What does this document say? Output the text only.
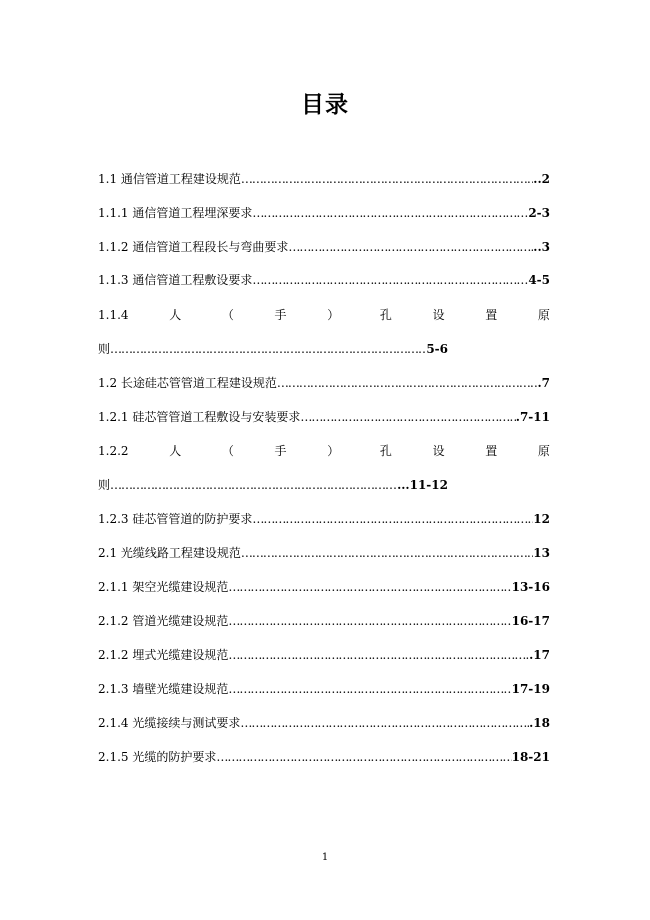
目录
1.1 通信管道工程建设规范 ……………………………………………………………………………………………………………………………………………………………………	..2
1.1.1 通信管道工程埋深要求 ……………………………………………………………………………………………………………………………………………………………………	2-3
1.1.2 通信管道工程段长与弯曲要求 ……………………………………………………………………………………………………………………………………………………………………	..3
1.1.3 通信管道工程敷设要求 ……………………………………………………………………………………………………………………………………………………………………	4-5
1.1.4	人	（	手	）	孔	设	置	原
则 ……………………………………………………………………………………………………………………………………	5-6
1.2 长途硅芯管管道工程建设规范 ……………………………………………………………………………………………………………………………………………………………………	.7
1.2.1 硅芯管管道工程敷设与安装要求 ……………………………………………………………………………………………………………………………………………………………………	.7-11
1.2.2	人	（	手	）	孔	设	置	原
则 ……………………………………………………………………………………………………………………………………	...11-12
1.2.3 硅芯管管道的防护要求 ……………………………………………………………………………………………………………………………………………………………………	12
2.1 光缆线路工程建设规范 ……………………………………………………………………………………………………………………………………………………………………	13
2.1.1 架空光缆建设规范 ……………………………………………………………………………………………………………………………………………………………………	13-16
2.1.2 管道光缆建设规范 ……………………………………………………………………………………………………………………………………………………………………	16-17
2.1.2 埋式光缆建设规范 ……………………………………………………………………………………………………………………………………………………………………	.17
2.1.3 墙壁光缆建设规范 ……………………………………………………………………………………………………………………………………………………………………	17-19
2.1.4 光缆接续与测试要求 ……………………………………………………………………………………………………………………………………………………………………	.18
2.1.5 光缆的防护要求 ……………………………………………………………………………………………………………………………………………………………………	18-21
1
